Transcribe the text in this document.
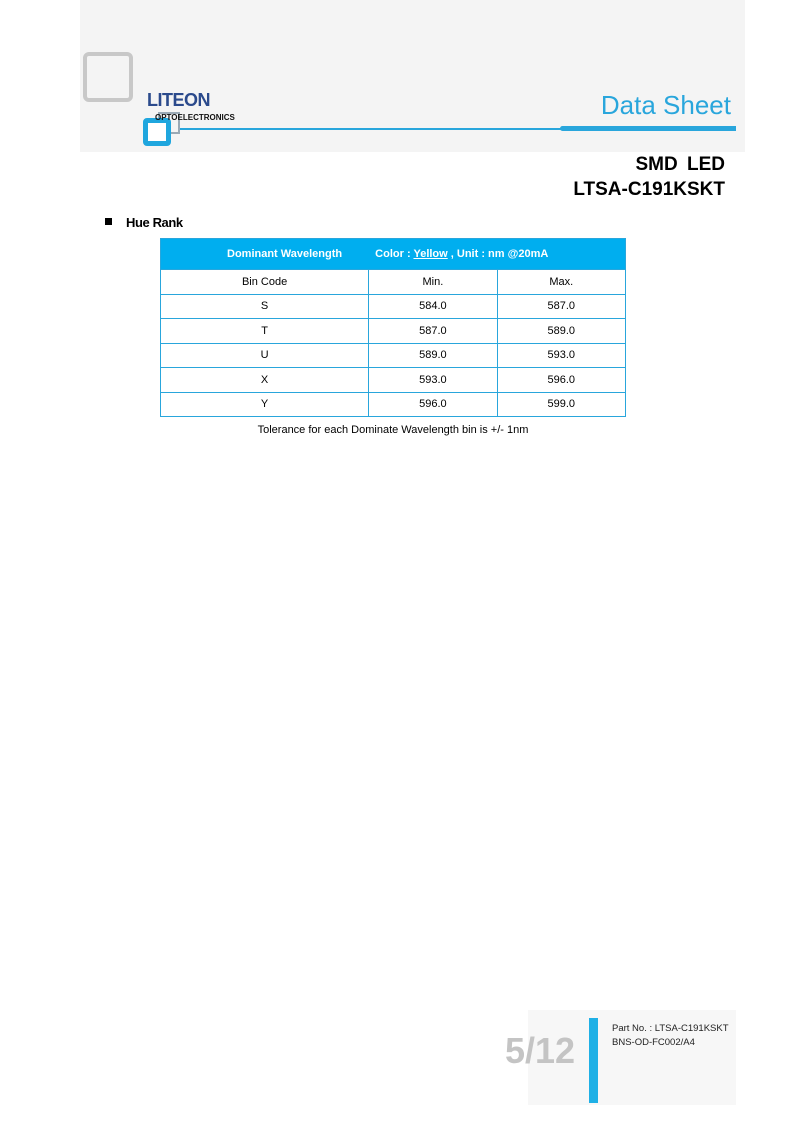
LITEON
OPTOELECTRONICS	Data Sheet
SMD LED
LTSA-C191KSKT
Hue Rank
Dominant Wavelength Color : Yellow , Unit : nm @20mA		
Bin Code	Min.	Max.
S	584.0	587.0
T	587.0	589.0
U	589.0	593.0
X	593.0	596.0
Y	596.0	599.0
Tolerance for each Dominate Wavelength bin is +/- 1nm
5/12
Part No. : LTSA-C191KSKT
BNS-OD-FC002/A4
